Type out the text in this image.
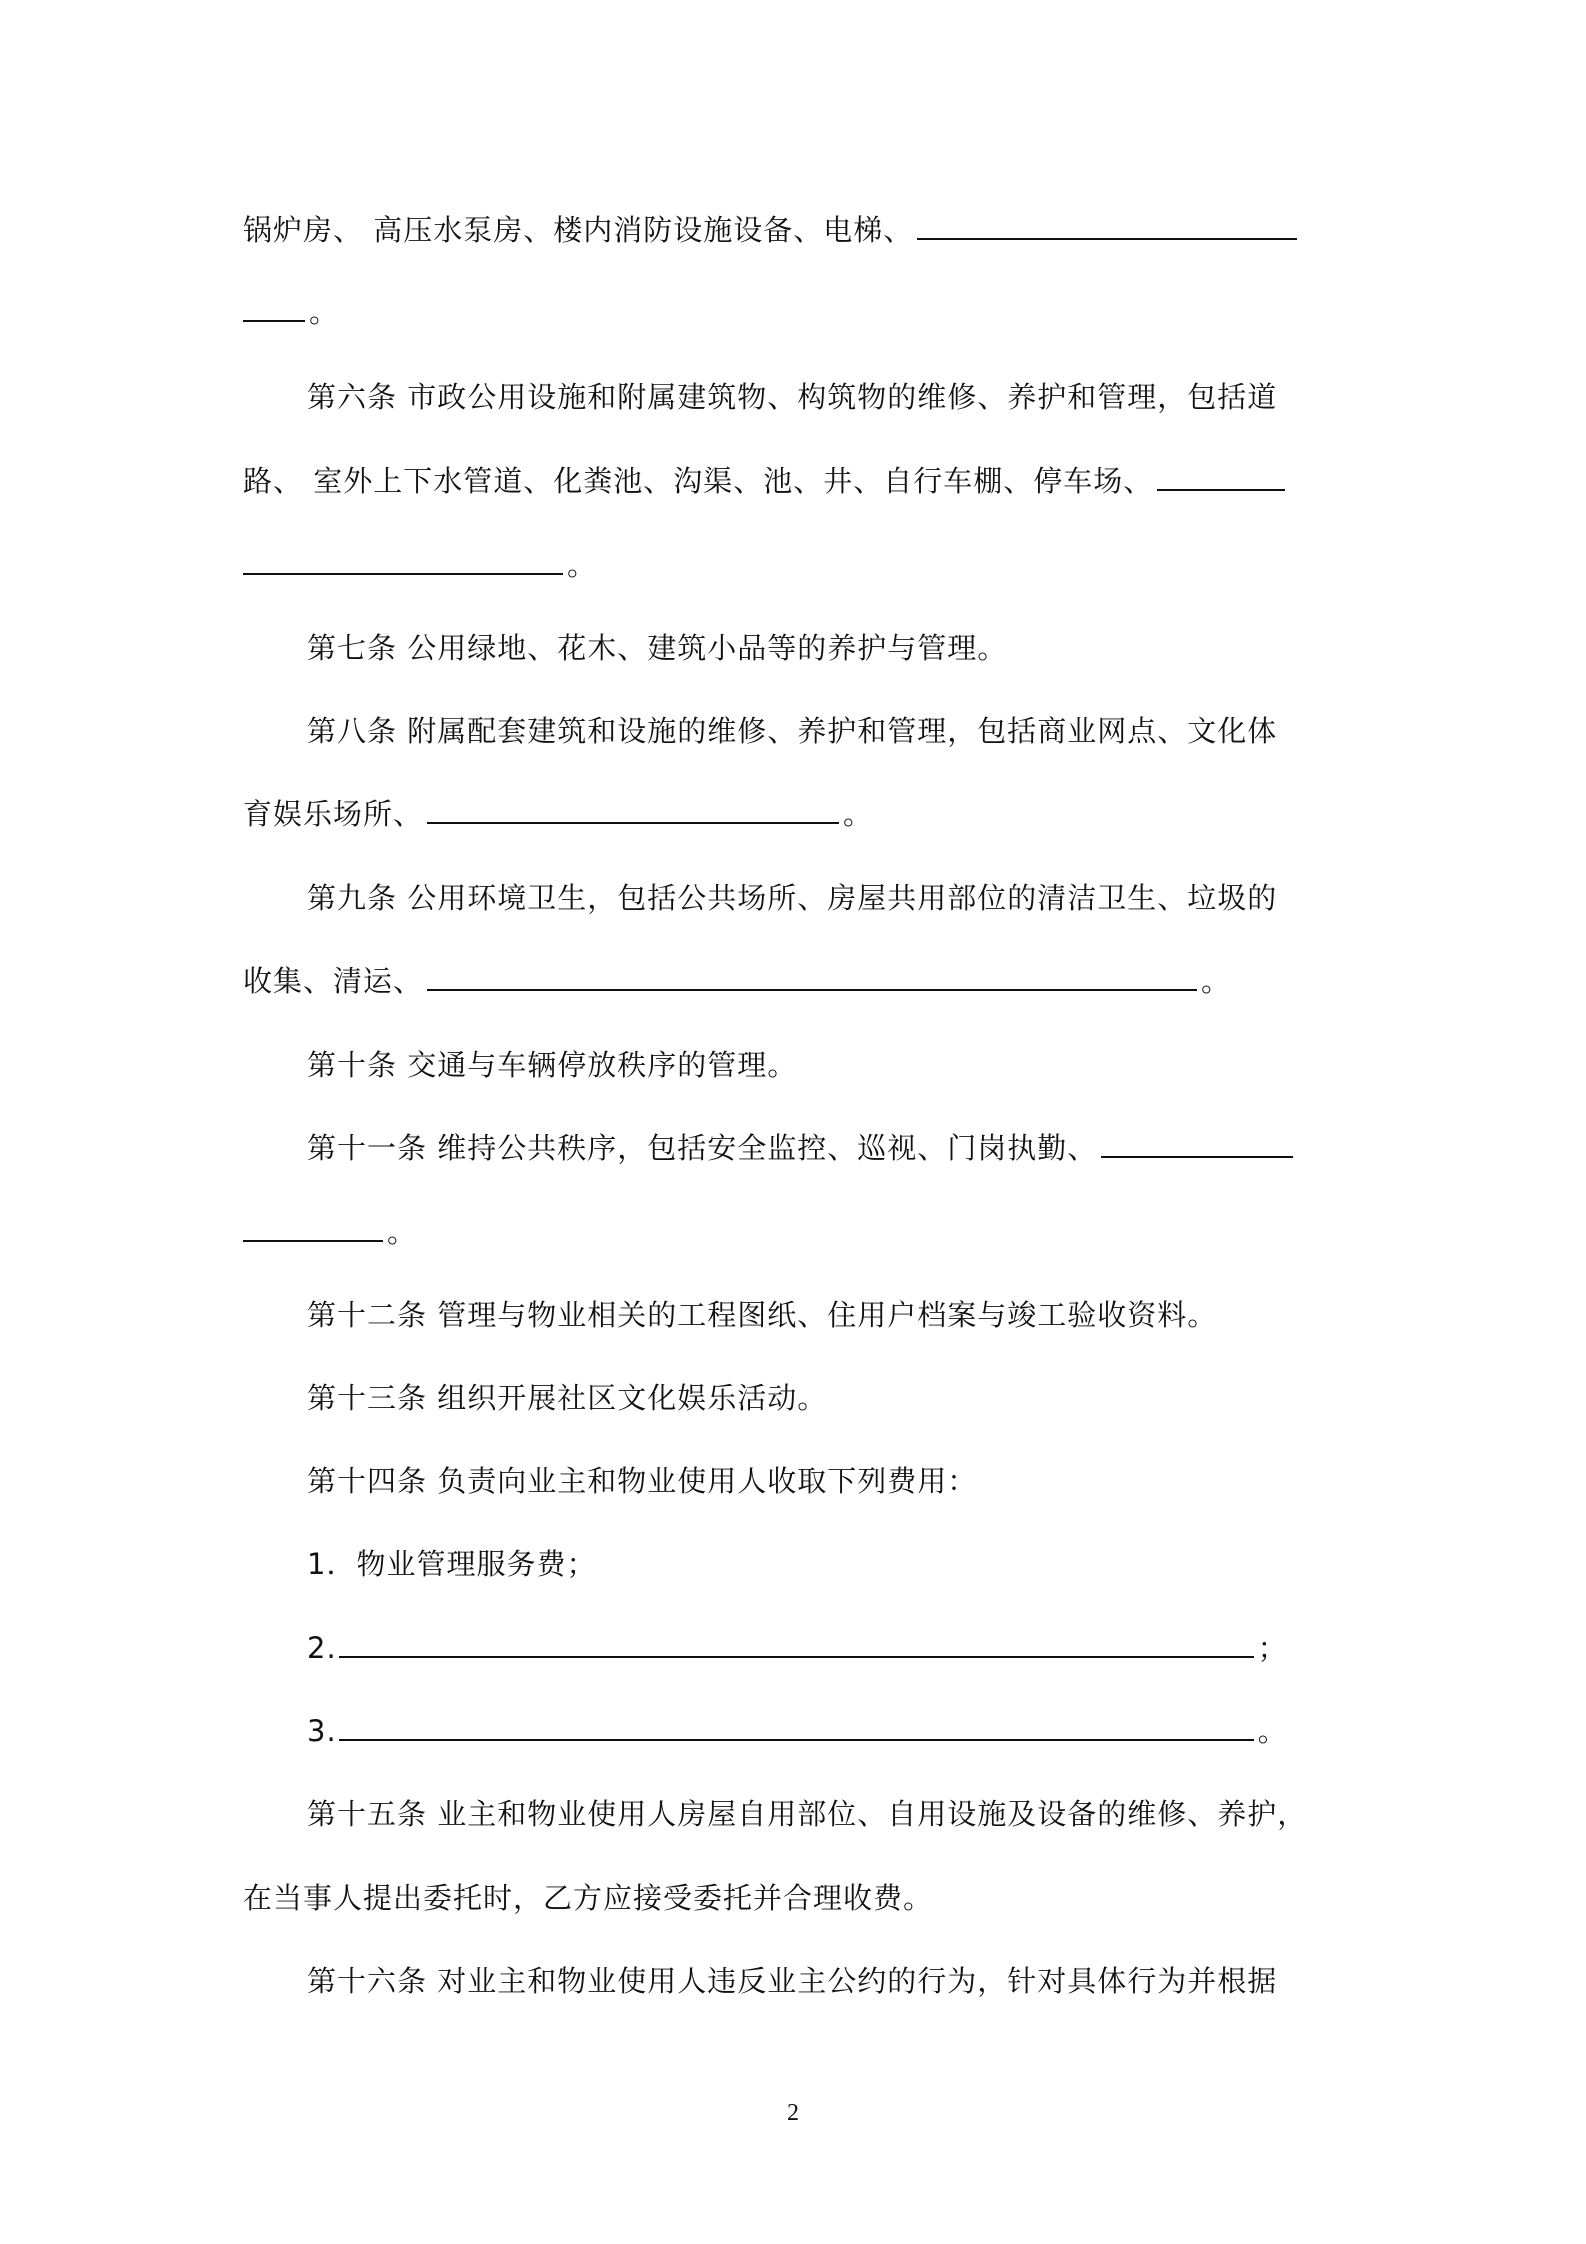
锅炉房、 高压水泵房、楼内消防设施设备、电梯、
。
第六条 市政公用设施和附属建筑物、构筑物的维修、养护和管理，包括道
路、 室外上下水管道、化粪池、沟渠、池、井、自行车棚、停车场、
。
第七条 公用绿地、花木、建筑小品等的养护与管理。
第八条 附属配套建筑和设施的维修、养护和管理，包括商业网点、文化体
育娱乐场所、	。
第九条 公用环境卫生，包括公共场所、房屋共用部位的清洁卫生、垃圾的
收集、清运、	。
第十条 交通与车辆停放秩序的管理。
第十一条 维持公共秩序，包括安全监控、巡视、门岗执勤、
。
第十二条 管理与物业相关的工程图纸、住用户档案与竣工验收资料。
第十三条 组织开展社区文化娱乐活动。
第十四条 负责向业主和物业使用人收取下列费用：
1．物业管理服务费；
2.	；
3.	。
第十五条 业主和物业使用人房屋自用部位、自用设施及设备的维修、养护，
在当事人提出委托时，乙方应接受委托并合理收费。
第十六条 对业主和物业使用人违反业主公约的行为，针对具体行为并根据
2
